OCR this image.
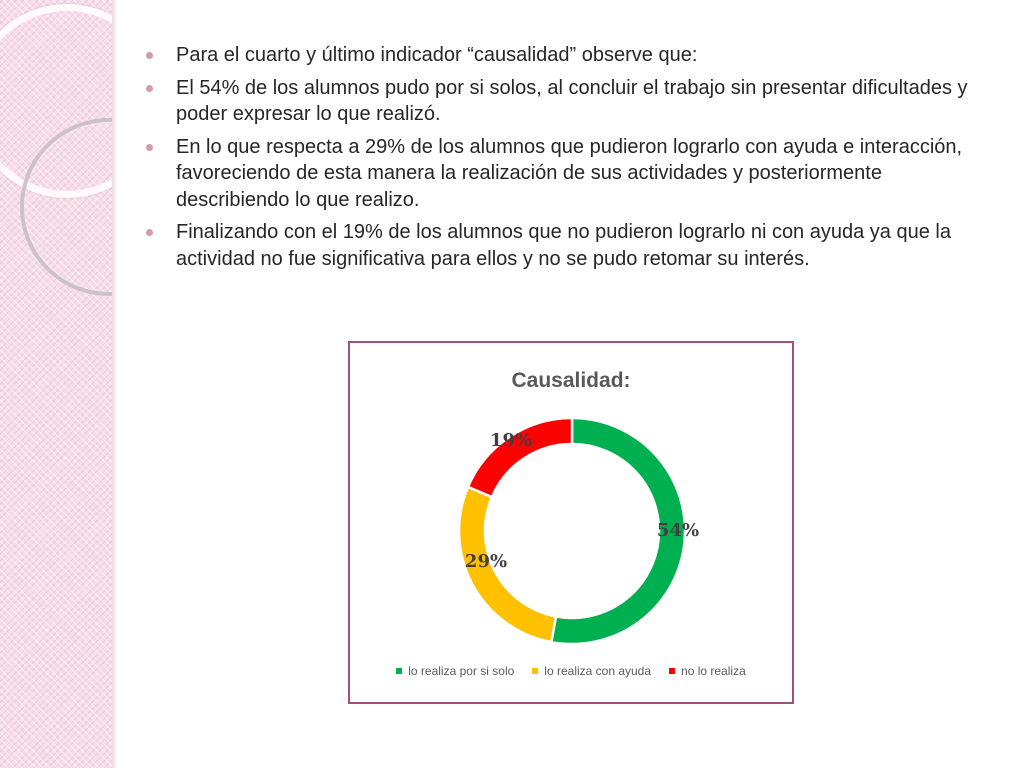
Para el cuarto y último indicador “causalidad” observe que:
El 54% de los alumnos pudo por si solos, al concluir el trabajo sin presentar dificultades y poder expresar lo que realizó.
En lo que respecta a 29% de los alumnos que pudieron lograrlo con ayuda e interacción, favoreciendo de esta manera la realización de sus actividades y posteriormente describiendo lo que realizo.
Finalizando con el 19% de los alumnos que no pudieron lograrlo ni con ayuda ya que la actividad no fue significativa para ellos y no se pudo retomar su interés.
Causalidad:
54%
29%
19%
lo realiza por si solo	lo realiza con ayuda	no lo realiza
